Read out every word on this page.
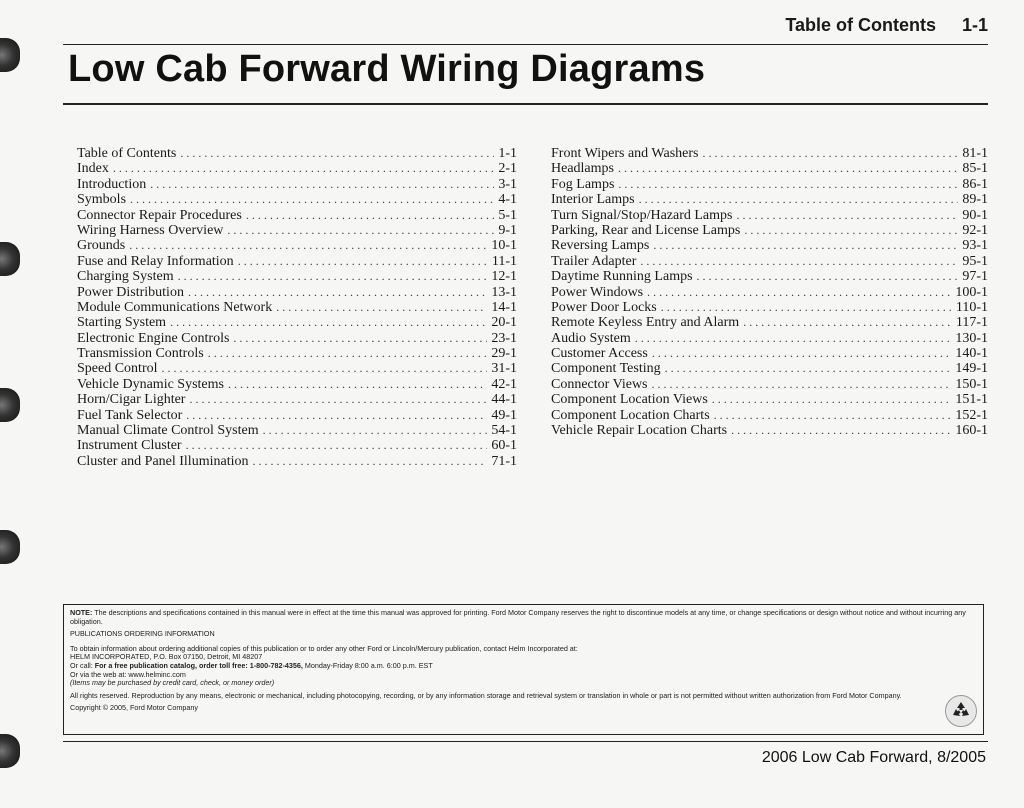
Table of Contents 1-1
Low Cab Forward Wiring Diagrams
Table of Contents . . .	1-1
Index . . .	2-1
Introduction . . .	3-1
Symbols . . .	4-1
Connector Repair Procedures . . .	5-1
Wiring Harness Overview . . .	9-1
Grounds . . .	10-1
Fuse and Relay Information . . .	11-1
Charging System . . .	12-1
Power Distribution . . .	13-1
Module Communications Network . . .	14-1
Starting System . . .	20-1
Electronic Engine Controls . . .	23-1
Transmission Controls . . .	29-1
Speed Control . . .	31-1
Vehicle Dynamic Systems . . .	42-1
Horn/Cigar Lighter . . .	44-1
Fuel Tank Selector . . .	49-1
Manual Climate Control System . . .	54-1
Instrument Cluster . . .	60-1
Cluster and Panel Illumination . . .	71-1
Front Wipers and Washers . . .	81-1
Headlamps . . .	85-1
Fog Lamps . . .	86-1
Interior Lamps . . .	89-1
Turn Signal/Stop/Hazard Lamps . . .	90-1
Parking, Rear and License Lamps . . .	92-1
Reversing Lamps . . .	93-1
Trailer Adapter . . .	95-1
Daytime Running Lamps . . .	97-1
Power Windows . . .	100-1
Power Door Locks . . .	110-1
Remote Keyless Entry and Alarm . . .	117-1
Audio System . . .	130-1
Customer Access . . .	140-1
Component Testing . . .	149-1
Connector Views . . .	150-1
Component Location Views . . .	151-1
Component Location Charts . . .	152-1
Vehicle Repair Location Charts . . .	160-1

NOTE: The descriptions and specifications contained in this manual were in effect at the time this manual was approved for printing. Ford Motor Company reserves the right to discontinue models at any time, or change specifications or design without notice and without incurring any obligation.

PUBLICATIONS ORDERING INFORMATION

To obtain information about ordering additional copies of this publication or to order any other Ford or Lincoln/Mercury publication, contact Helm Incorporated at:

HELM INCORPORATED, P.O. Box 07150, Detroit, MI 48207

Or call: For a free publication catalog, order toll free: 1-800-782-4356, Monday-Friday 8:00 a.m. 6:00 p.m. EST

Or via the web at: www.helminc.com

(Items may be purchased by credit card, check, or money order)

All rights reserved. Reproduction by any means, electronic or mechanical, including photocopying, recording, or by any information storage and retrieval system or translation in whole or part is not permitted without written authorization from Ford Motor Company.

Copyright © 2005, Ford Motor Company

2006 Low Cab Forward, 8/2005
